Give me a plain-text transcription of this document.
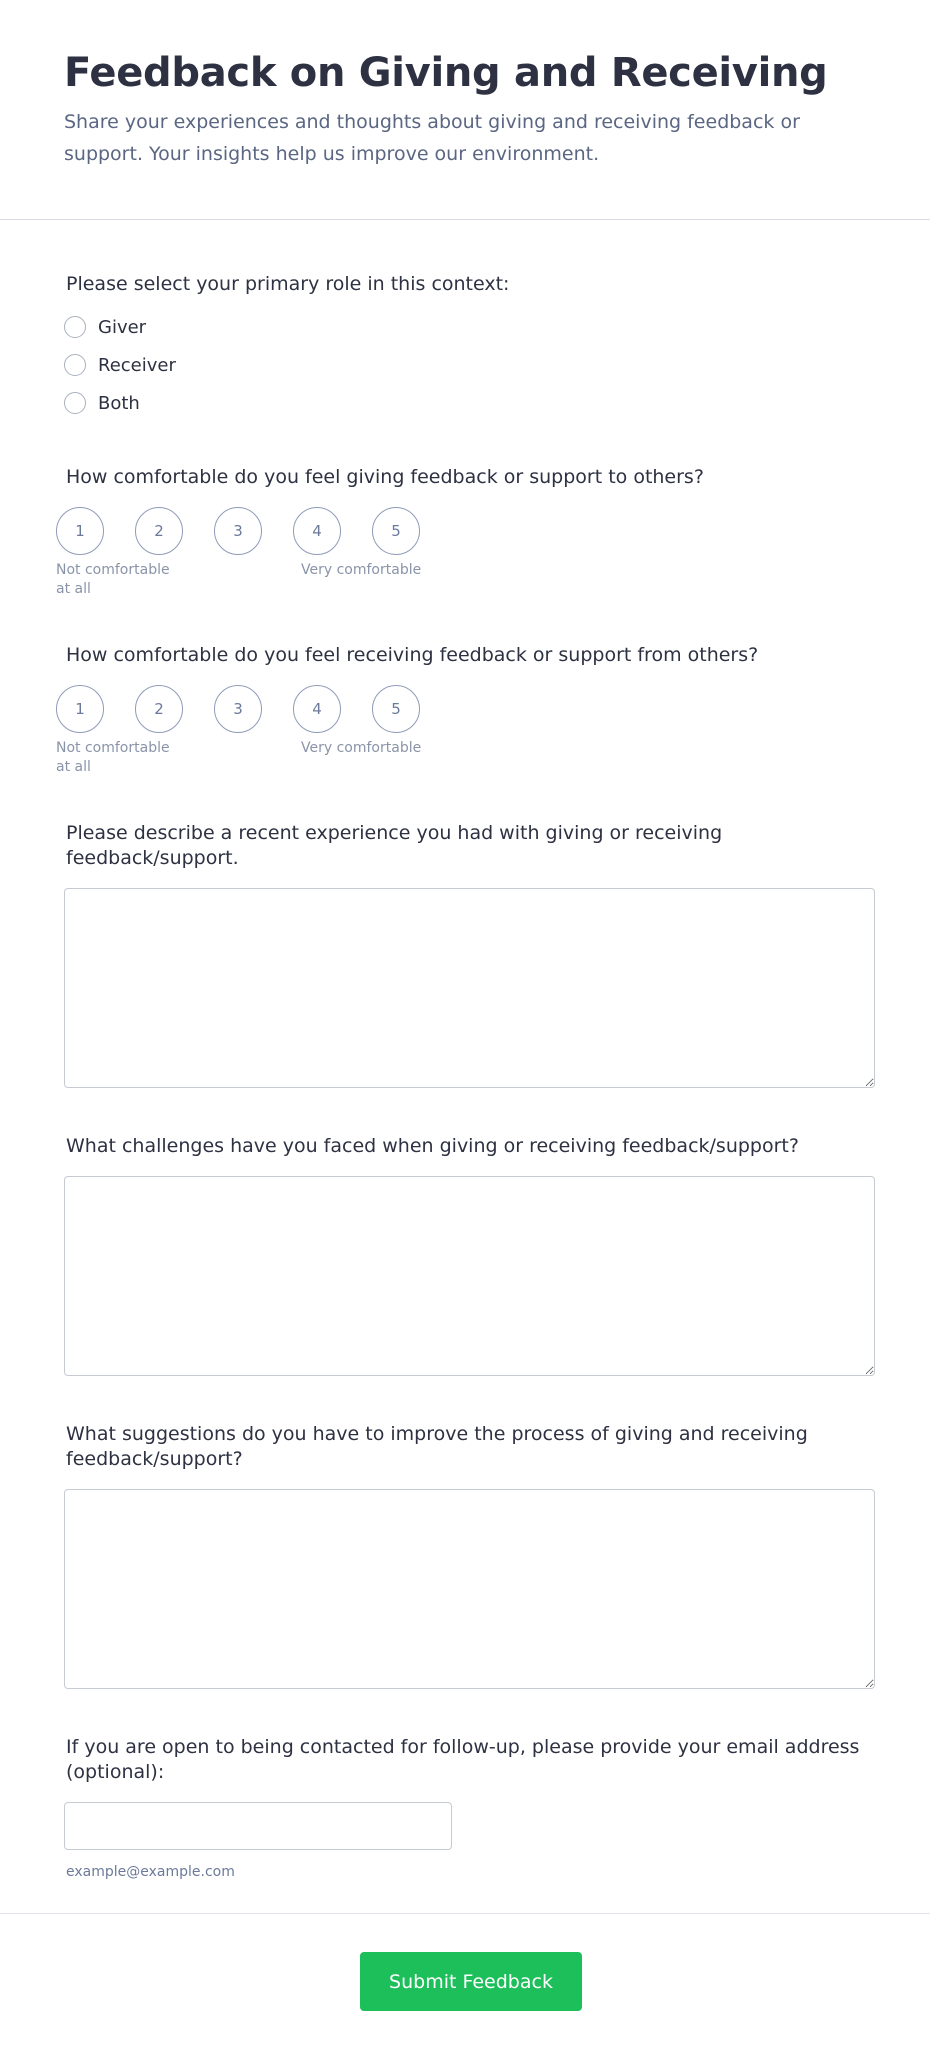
Feedback on Giving and Receiving

Share your experiences and thoughts about giving and receiving feedback or support. Your insights help us improve our environment.

Please select your primary role in this context:

Giver
Receiver
Both

How comfortable do you feel giving feedback or support to others?

1	2	3	4	5
Not comfortable at all
Very comfortable

How comfortable do you feel receiving feedback or support from others?

1	2	3	4	5
Not comfortable at all
Very comfortable

Please describe a recent experience you had with giving or receiving feedback/support.

What challenges have you faced when giving or receiving feedback/support?

What suggestions do you have to improve the process of giving and receiving feedback/support?

If you are open to being contacted for follow-up, please provide your email address (optional):

example@example.com

Submit Feedback
